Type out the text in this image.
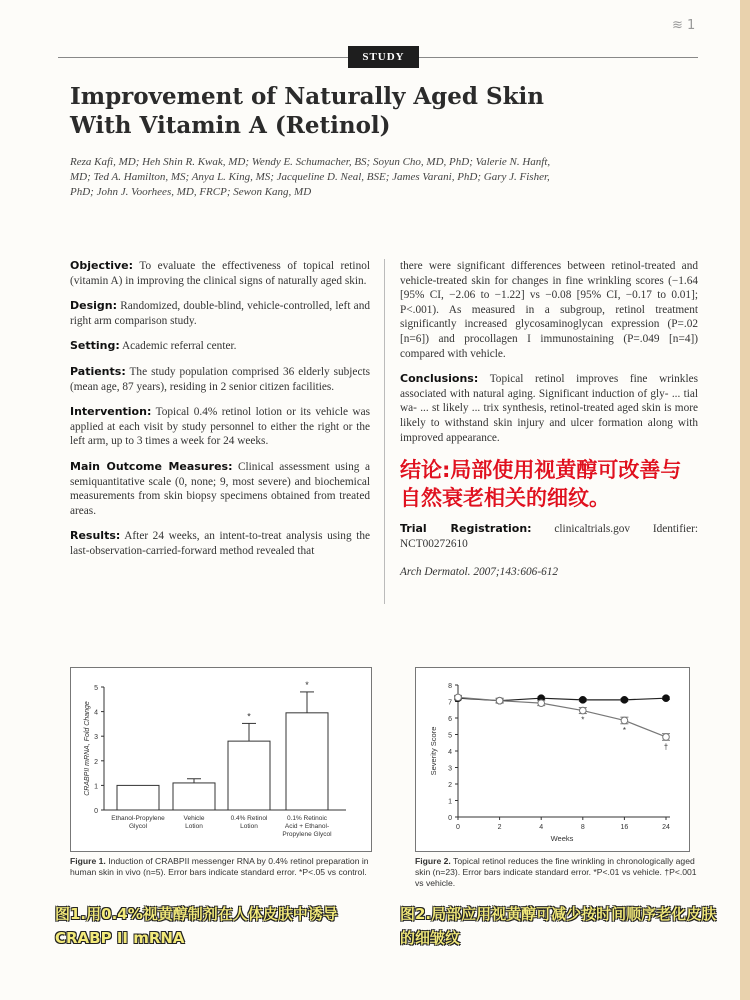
STUDY
≋ 1
Improvement of Naturally Aged Skin With Vitamin A (Retinol)
Reza Kafi, MD; Heh Shin R. Kwak, MD; Wendy E. Schumacher, BS; Soyun Cho, MD, PhD; Valerie N. Hanft, MD; Ted A. Hamilton, MS; Anya L. King, MS; Jacqueline D. Neal, BSE; James Varani, PhD; Gary J. Fisher, PhD; John J. Voorhees, MD, FRCP; Sewon Kang, MD

Objective: To evaluate the effectiveness of topical retinol (vitamin A) in improving the clinical signs of naturally aged skin.

Design: Randomized, double-blind, vehicle-controlled, left and right arm comparison study.

Setting: Academic referral center.

Patients: The study population comprised 36 elderly subjects (mean age, 87 years), residing in 2 senior citizen facilities.

Intervention: Topical 0.4% retinol lotion or its vehicle was applied at each visit by study personnel to either the right or the left arm, up to 3 times a week for 24 weeks.

Main Outcome Measures: Clinical assessment using a semiquantitative scale (0, none; 9, most severe) and biochemical measurements from skin biopsy specimens obtained from treated areas.

Results: After 24 weeks, an intent-to-treat analysis using the last-observation-carried-forward method revealed that

there were significant differences between retinol-treated and vehicle-treated skin for changes in fine wrinkling scores (−1.64 [95% CI, −2.06 to −1.22] vs −0.08 [95% CI, −0.17 to 0.01]; P<.001). As measured in a subgroup, retinol treatment significantly increased glycosaminoglycan expression (P=.02 [n=6]) and procollagen I immunostaining (P=.049 [n=4]) compared with vehicle.

Conclusions: Topical retinol improves fine wrinkles associated with natural aging. Significant induction of gly- ... tial wa- ... st likely ... trix synthesis, retinol-treated aged skin is more likely to withstand skin injury and ulcer formation along with improved appearance.

结论:局部使用视黄醇可改善与自然衰老相关的细纹。

Trial Registration: clinicaltrials.gov Identifier: NCT00272610

Arch Dermatol. 2007;143:606-612

0
1
2
3
4
5
CRABPII mRNA, Fold Change
Ethanol-Propylene
Glycol
Vehicle
Lotion
*
0.4% Retinol
Lotion
*
0.1% Retinoic
Acid + Ethanol-
Propylene Glycol
Figure 1. Induction of CRABPII messenger RNA by 0.4% retinol preparation in human skin in vivo (n=5). Error bars indicate standard error. *P<.05 vs control.
0
1
2
3
4
5
6
7
8
0	2	4	8	16	24
Weeks
Severity Score
*
*
†
Figure 2. Topical retinol reduces the fine wrinkling in chronologically aged skin (n=23). Error bars indicate standard error. *P<.01 vs vehicle. †P<.001 vs vehicle.
图1.用0.4%视黄醇制剂在人体皮肤中诱导 CRABP II mRNA
图2.局部应用视黄醇可减少按时间顺序老化皮肤的细皱纹
